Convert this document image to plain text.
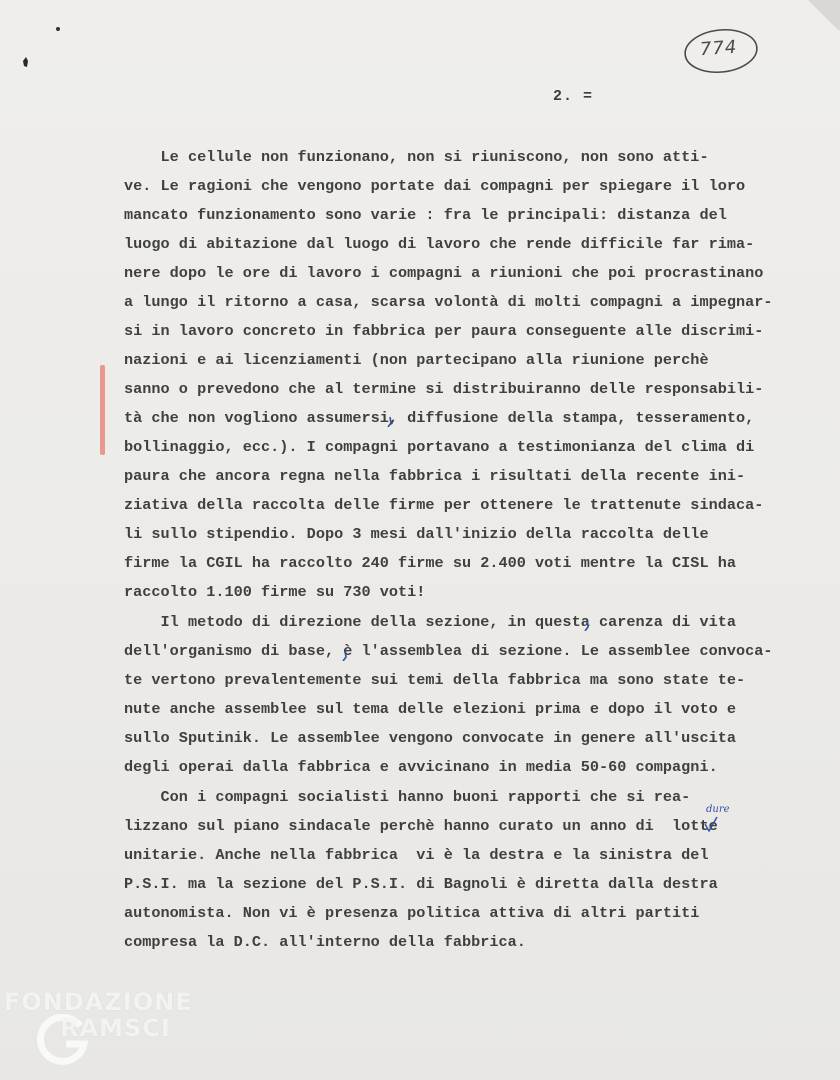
774
2. =
Le cellule non funzionano, non si riuniscono, non sono atti-
ve. Le ragioni che vengono portate dai compagni per spiegare il loro
mancato funzionamento sono varie : fra le principali: distanza del
luogo di abitazione dal luogo di lavoro che rende difficile far rima-
nere dopo le ore di lavoro i compagni a riunioni che poi procrastinano
a lungo il ritorno a casa, scarsa volontà di molti compagni a impegnar-
si in lavoro concreto in fabbrica per paura conseguente alle discrimi-
nazioni e ai licenziamenti (non partecipano alla riunione perchè
sanno o prevedono che al termine si distribuiranno delle responsabili-
tà che non vogliono assumersi, diffusione della stampa, tesseramento,
bollinaggio, ecc.). I compagni portavano a testimonianza del clima di
paura che ancora regna nella fabbrica i risultati della recente ini-
ziativa della raccolta delle firme per ottenere le trattenute sindaca-
li sullo stipendio. Dopo 3 mesi dall'inizio della raccolta delle
firme la CGIL ha raccolto 240 firme su 2.400 voti mentre la CISL ha
raccolto 1.100 firme su 730 voti!
Il metodo di direzione della sezione, in questa carenza di vita
dell'organismo di base, è l'assemblea di sezione. Le assemblee convoca-
te vertono prevalentemente sui temi della fabbrica ma sono state te-
nute anche assemblee sul tema delle elezioni prima e dopo il voto e
sullo Sputinik. Le assemblee vengono convocate in genere all'uscita
degli operai dalla fabbrica e avvicinano in media 50-60 compagni.
Con i compagni socialisti hanno buoni rapporti che si rea-
lizzano sul piano sindacale perchè hanno curato un anno di  lotte
unitarie. Anche nella fabbrica  vi è la destra e la sinistra del
P.S.I. ma la sezione del P.S.I. di Bagnoli è diretta dalla destra
autonomista. Non vi è presenza politica attiva di altri partiti
compresa la D.C. all'interno della fabbrica.
dure
FONDAZIONE
RAMSCI
